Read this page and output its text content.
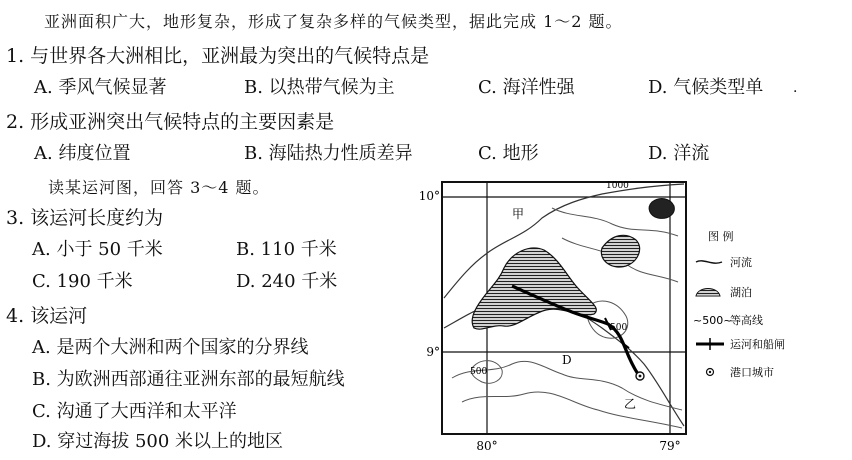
亚洲面积广大，地形复杂，形成了复杂多样的气候类型，据此完成 1～2 题。
1. 与世界各大洲相比，亚洲最为突出的气候特点是
A. 季风气候显著	B. 以热带气候为主	C. 海洋性强	D. 气候类型单 ·
2. 形成亚洲突出气候特点的主要因素是
A. 纬度位置	B. 海陆热力性质差异	C. 地形	D. 洋流
读某运河图，回答 3～4 题。
3. 该运河长度约为
A. 小于 50 千米	B. 110 千米
C. 190 千米	D. 240 千米
4. 该运河
A. 是两个大洲和两个国家的分界线
B. 为欧洲西部通往亚洲东部的最短航线
C. 沟通了大西洋和太平洋
D. 穿过海拔 500 米以上的地区
10°
9°
80°	79°
甲
乙
D
1000
500
500
图 例
河流
湖泊
~500~
等高线
运河和船闸
港口城市
